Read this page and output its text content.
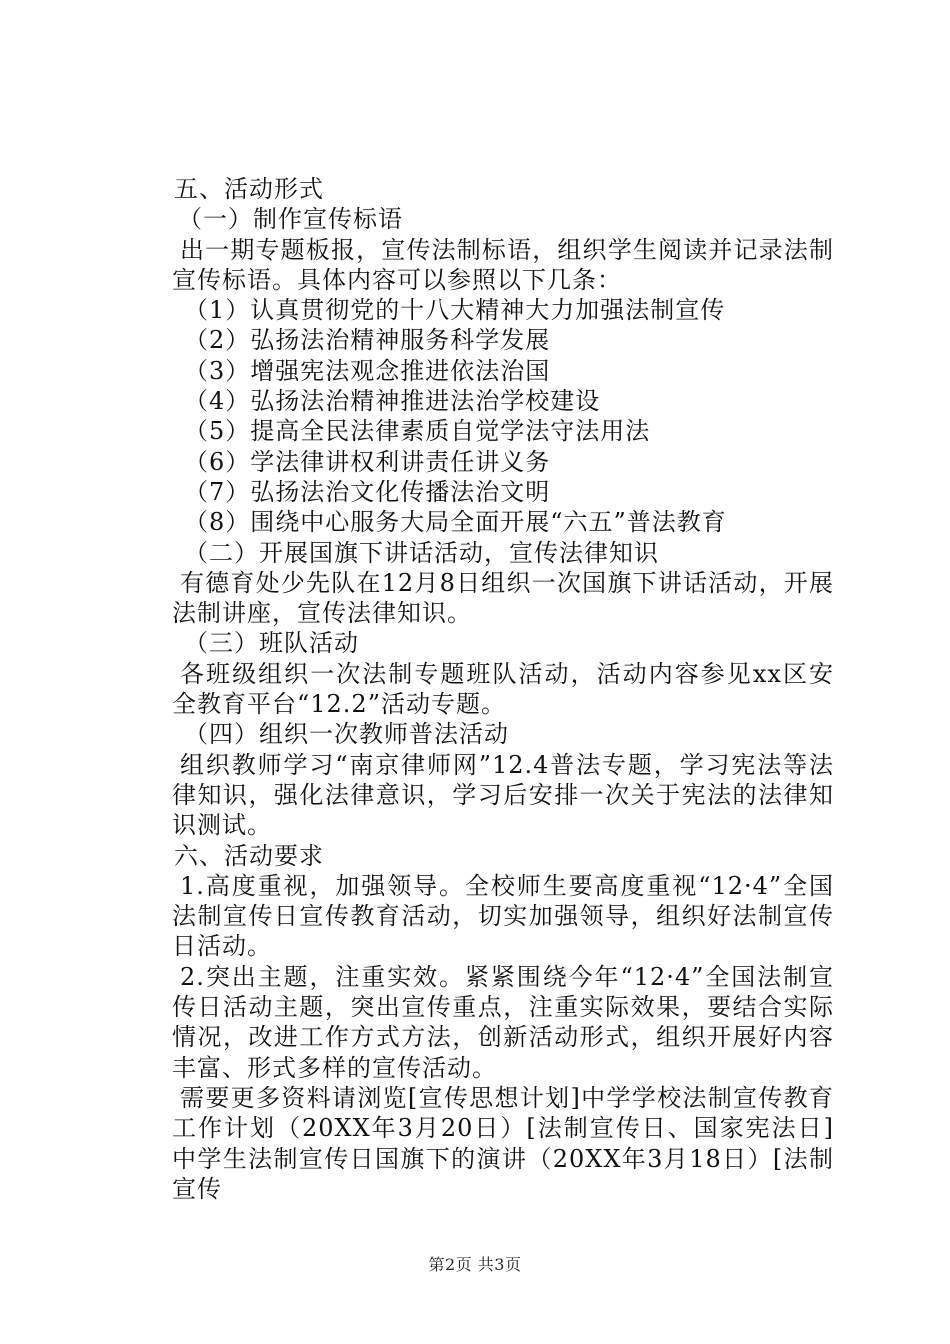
五、活动形式

（一）制作宣传标语

出一期专题板报，宣传法制标语，组织学生阅读并记录法制宣传标语。具体内容可以参照以下几条：

（1）认真贯彻党的十八大精神大力加强法制宣传

（2）弘扬法治精神服务科学发展

（3）增强宪法观念推进依法治国

（4）弘扬法治精神推进法治学校建设

（5）提高全民法律素质自觉学法守法用法

（6）学法律讲权利讲责任讲义务

（7）弘扬法治文化传播法治文明

（8）围绕中心服务大局全面开展“六五”普法教育

（二）开展国旗下讲话活动，宣传法律知识

有德育处少先队在12月8日组织一次国旗下讲话活动，开展法制讲座，宣传法律知识。

（三）班队活动

各班级组织一次法制专题班队活动，活动内容参见xx区安全教育平台“12.2”活动专题。

（四）组织一次教师普法活动

组织教师学习“南京律师网”12.4普法专题，学习宪法等法律知识，强化法律意识，学习后安排一次关于宪法的法律知识测试。

六、活动要求

1.高度重视，加强领导。全校师生要高度重视“12·4”全国法制宣传日宣传教育活动，切实加强领导，组织好法制宣传日活动。

2.突出主题，注重实效。紧紧围绕今年“12·4”全国法制宣传日活动主题，突出宣传重点，注重实际效果，要结合实际情况，改进工作方式方法，创新活动形式，组织开展好内容丰富、形式多样的宣传活动。

需要更多资料请浏览[宣传思想计划]中学学校法制宣传教育工作计划（20XX年3月20日）[法制宣传日、国家宪法日]中学生法制宣传日国旗下的演讲（20XX年3月18日）[法制宣传

第2页 共3页
